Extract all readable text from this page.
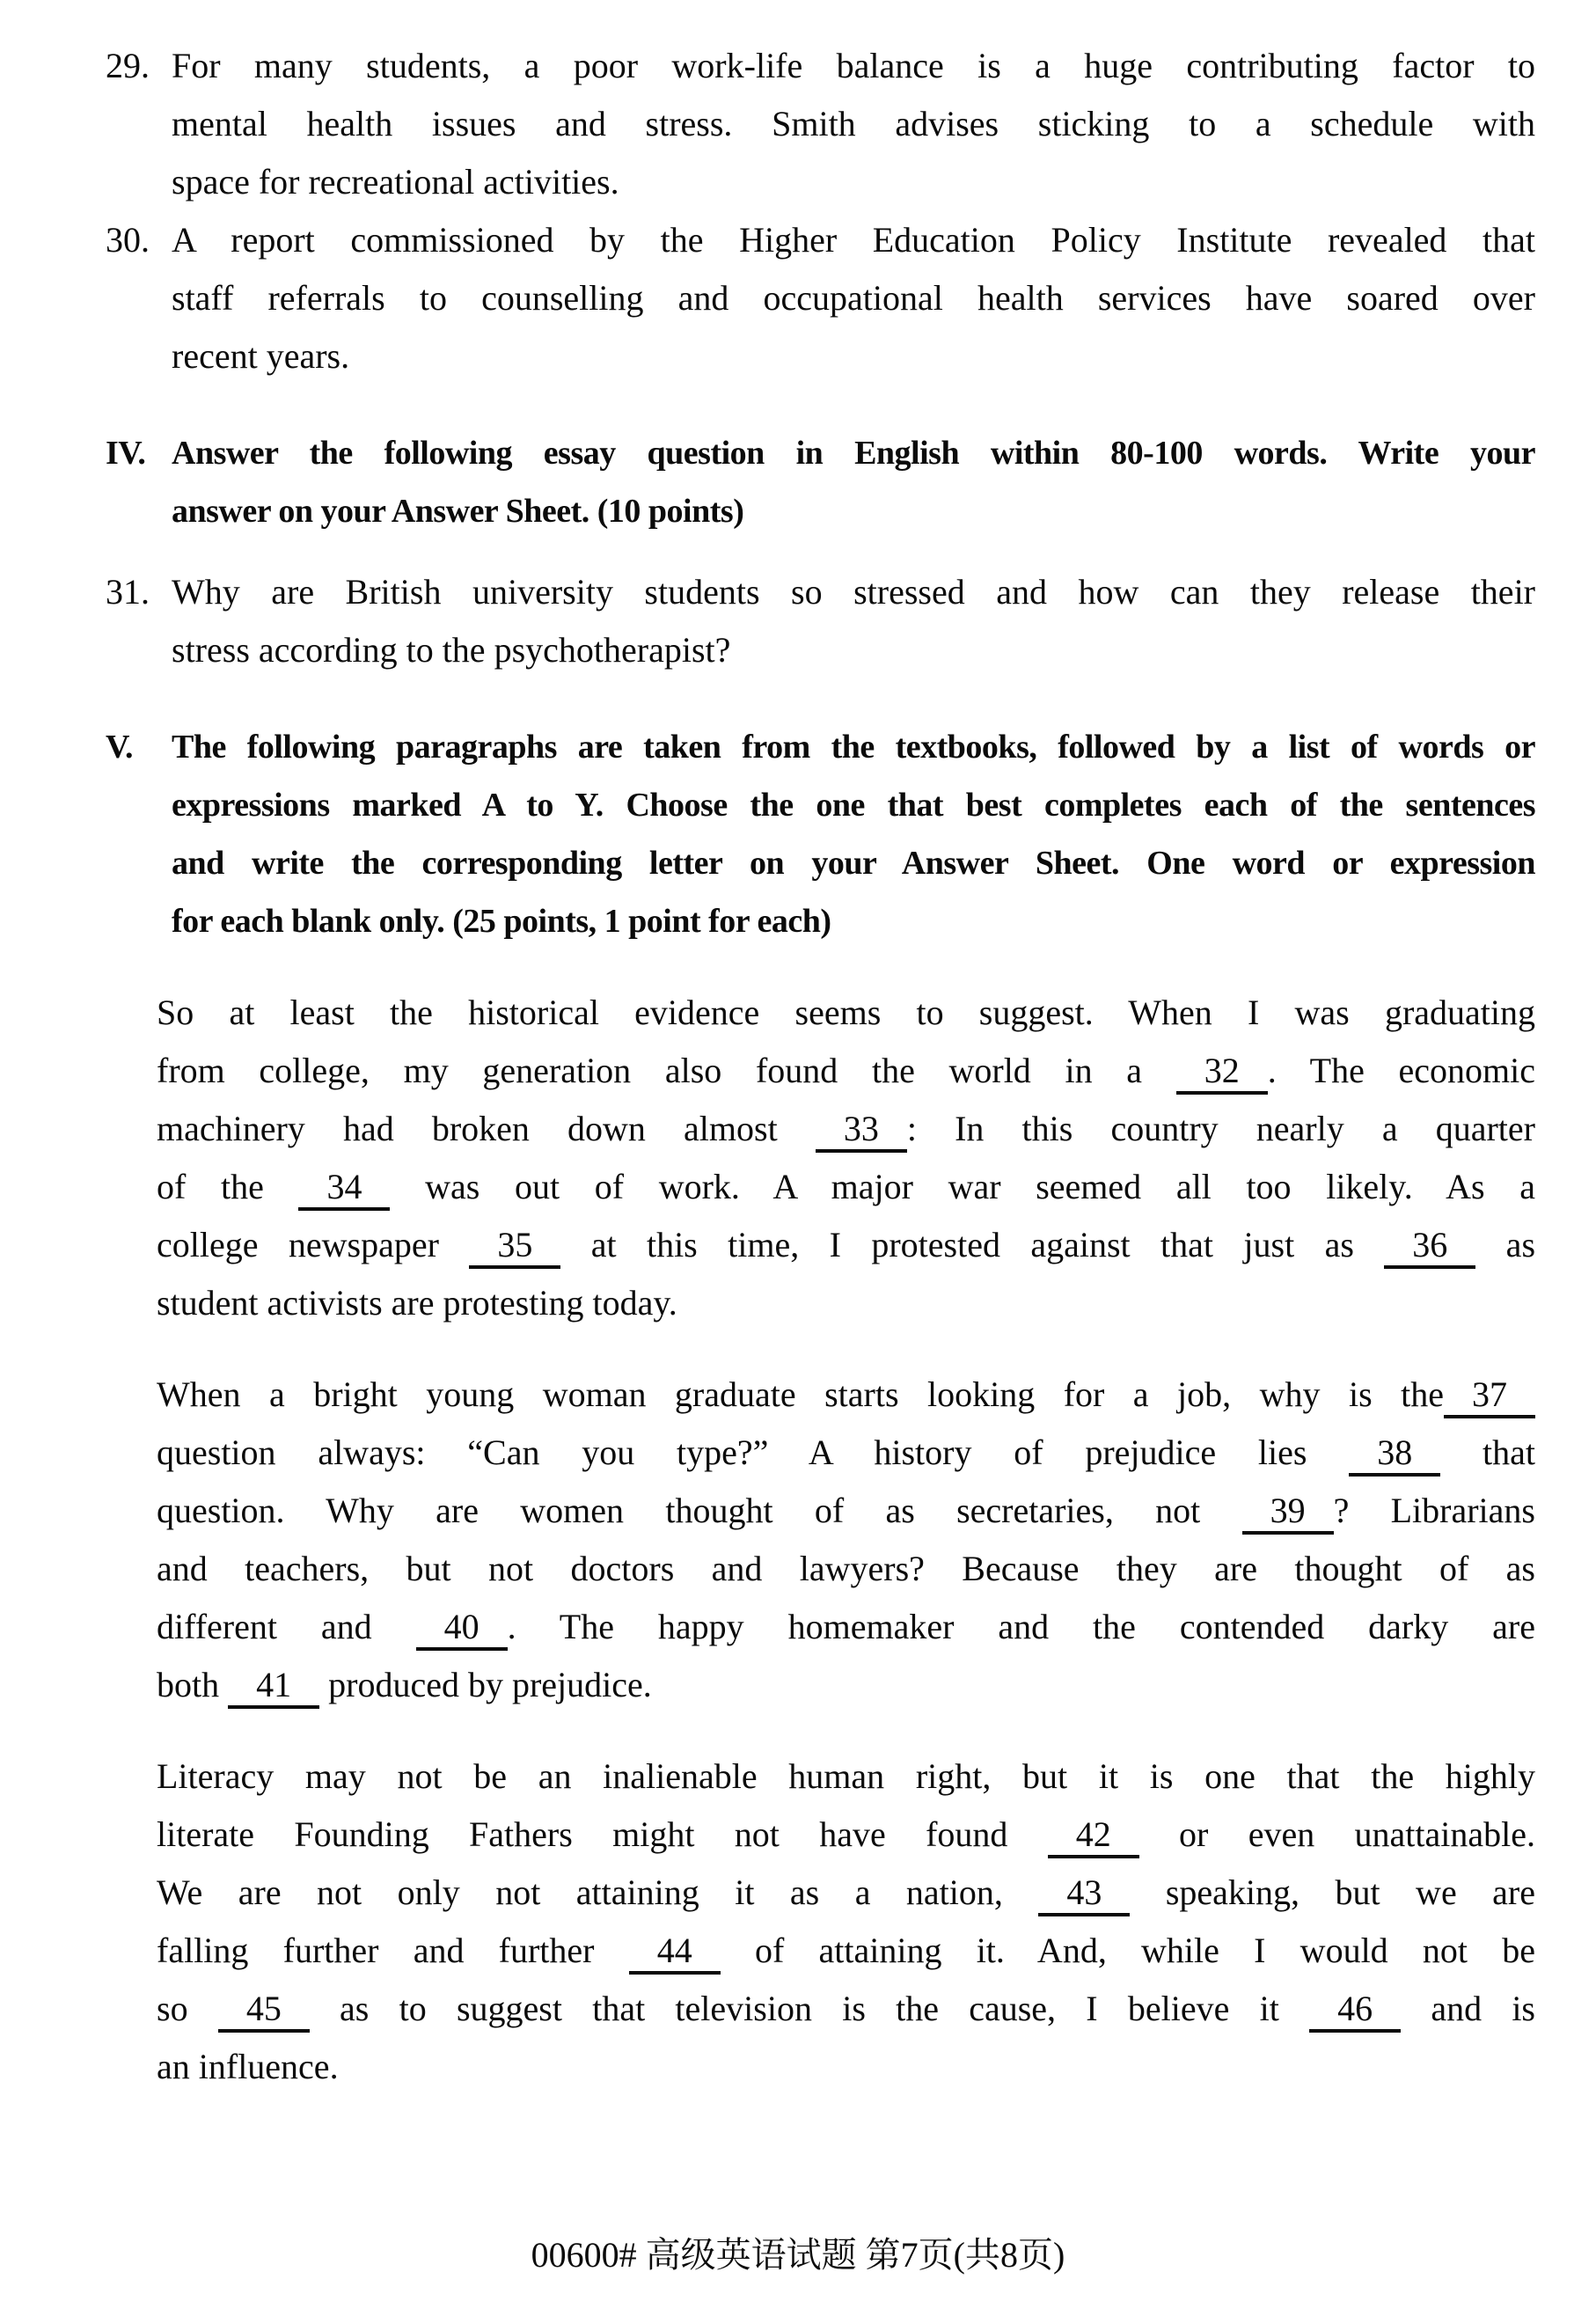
29. For many students, a poor work-life balance is a huge contributing factor to
mental health issues and stress. Smith advises sticking to a schedule with
space for recreational activities.
30. A report commissioned by the Higher Education Policy Institute revealed that
staff referrals to counselling and occupational health services have soared over
recent years.
IV. Answer the following essay question in English within 80-100 words. Write your
answer on your Answer Sheet. (10 points)
31. Why are British university students so stressed and how can they release their
stress according to the psychotherapist?
V. The following paragraphs are taken from the textbooks, followed by a list of words or
expressions marked A to Y. Choose the one that best completes each of the sentences
and write the corresponding letter on your Answer Sheet. One word or expression
for each blank only. (25 points, 1 point for each)
So at least the historical evidence seems to suggest. When I was graduating
from college, my generation also found the world in a 32 . The economic
machinery had broken down almost 33 : In this country nearly a quarter
of the 34 was out of work. A major war seemed all too likely. As a
college newspaper 35 at this time, I protested against that just as 36 as
student activists are protesting today.
When a bright young woman graduate starts looking for a job, why is the 37
question always: “Can you type?” A history of prejudice lies 38 that
question. Why are women thought of as secretaries, not 39 ? Librarians
and teachers, but not doctors and lawyers? Because they are thought of as
different and 40 . The happy homemaker and the contended darky are
both 41 produced by prejudice.
Literacy may not be an inalienable human right, but it is one that the highly
literate Founding Fathers might not have found 42 or even unattainable.
We are not only not attaining it as a nation, 43 speaking, but we are
falling further and further 44 of attaining it. And, while I would not be
so 45 as to suggest that television is the cause, I believe it 46 and is
an influence.
00600# 高级英语试题 第7页(共8页)
